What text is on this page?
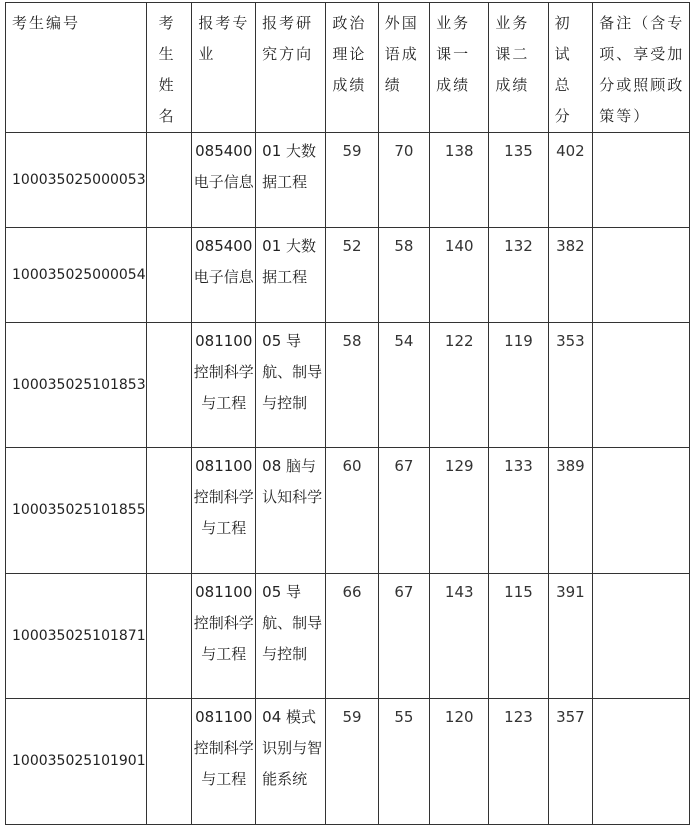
考生编号	考生姓名	报考专业	报考研究方向	政治理论成绩	外国语成绩	业务课一成绩	业务课二成绩	初试总分	备注（含专项、享受加分或照顾政策等）
100035025000053		085400电子信息	01 大数据工程	59	70	138	135	402	
100035025000054		085400电子信息	01 大数据工程	52	58	140	132	382	
100035025101853		081100控制科学与工程	05 导航、制导与控制	58	54	122	119	353	
100035025101855		081100控制科学与工程	08 脑与认知科学	60	67	129	133	389	
100035025101871		081100控制科学与工程	05 导航、制导与控制	66	67	143	115	391	
100035025101901		081100控制科学与工程	04 模式识别与智能系统	59	55	120	123	357	
